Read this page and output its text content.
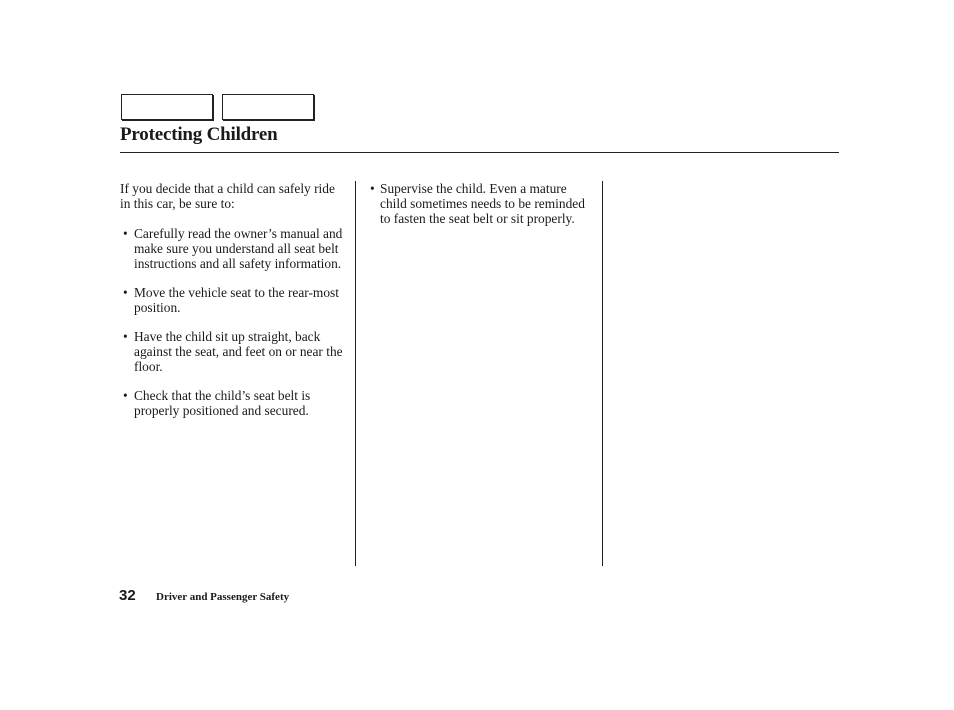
Protecting Children

If you decide that a child can safely ride in this car, be sure to:

• Carefully read the owner’s manual and make sure you understand all seat belt instructions and all safety information.
• Move the vehicle seat to the rear-most position.
• Have the child sit up straight, back against the seat, and feet on or near the floor.
• Check that the child’s seat belt is properly positioned and secured.
• Supervise the child. Even a mature child sometimes needs to be reminded to fasten the seat belt or sit properly.
32 Driver and Passenger Safety
